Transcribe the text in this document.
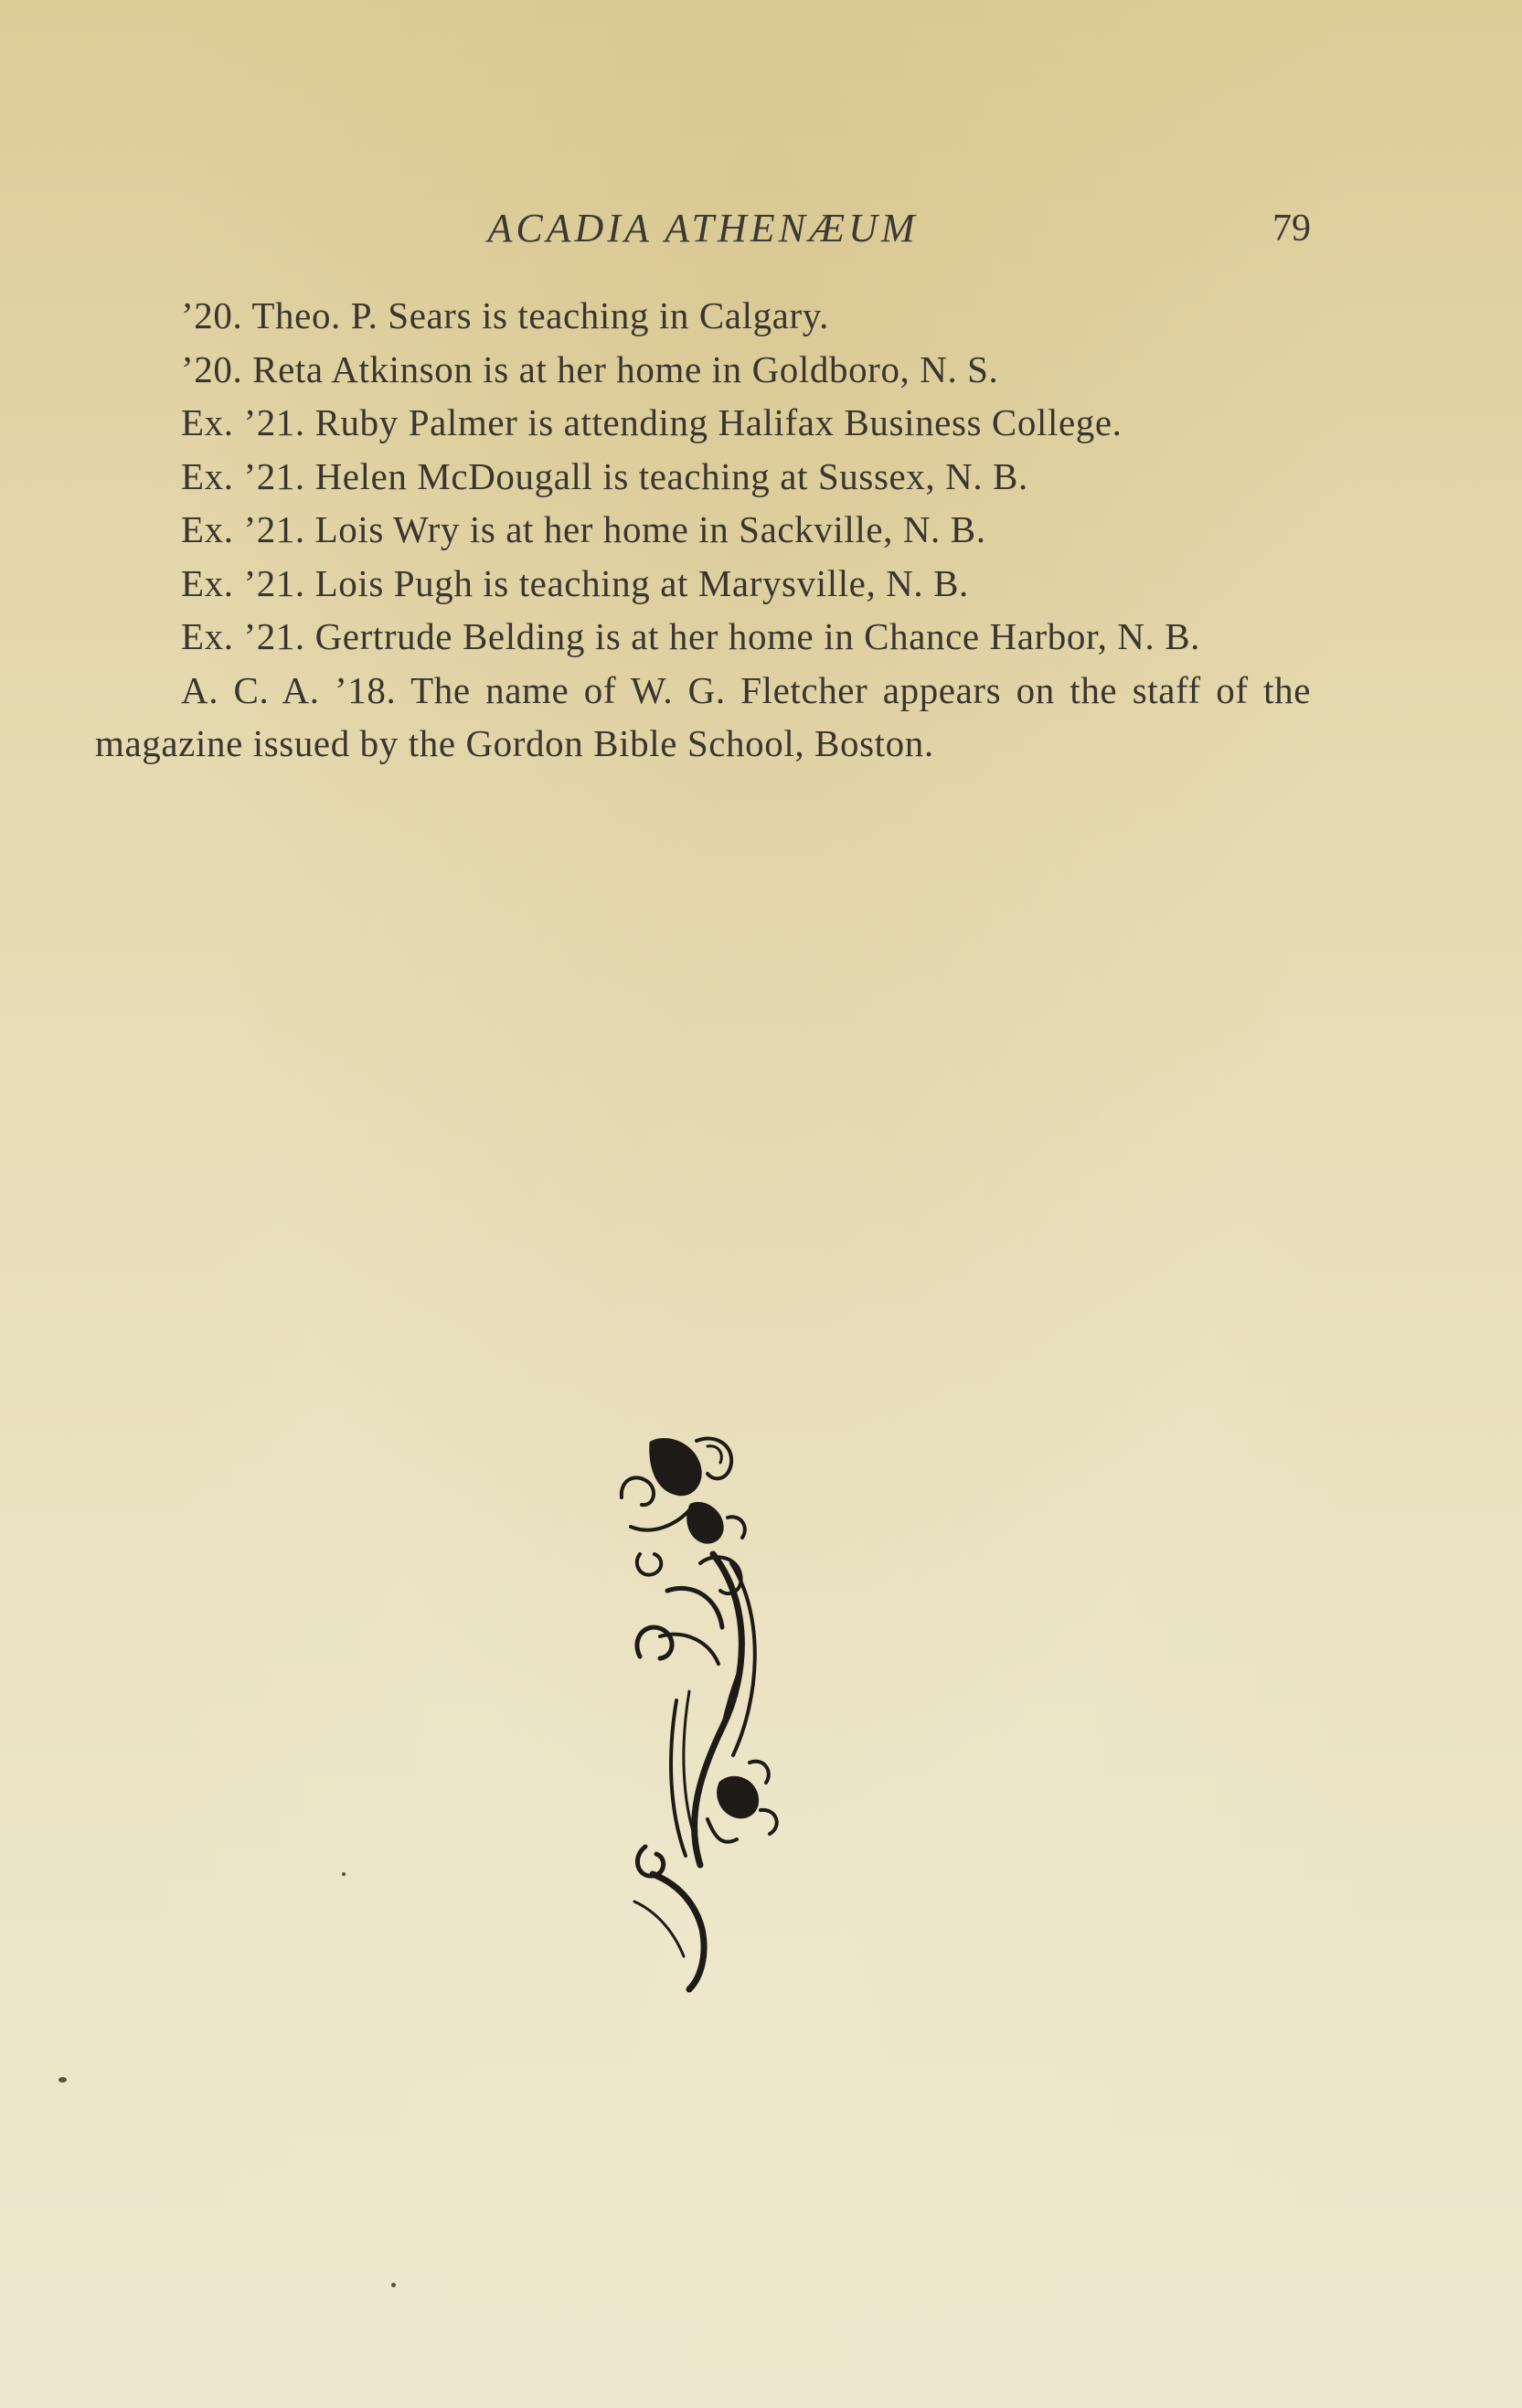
ACADIA ATHENÆUM	79

’20. Theo. P. Sears is teaching in Calgary.

’20. Reta Atkinson is at her home in Goldboro, N. S.

Ex. ’21. Ruby Palmer is attending Halifax Business College.

Ex. ’21. Helen McDougall is teaching at Sussex, N. B.

Ex. ’21. Lois Wry is at her home in Sackville, N. B.

Ex. ’21. Lois Pugh is teaching at Marysville, N. B.

Ex. ’21. Gertrude Belding is at her home in Chance Harbor, N. B.

A. C. A. ’18. The name of W. G. Fletcher appears on the staff of the magazine issued by the Gordon Bible School, Boston.
